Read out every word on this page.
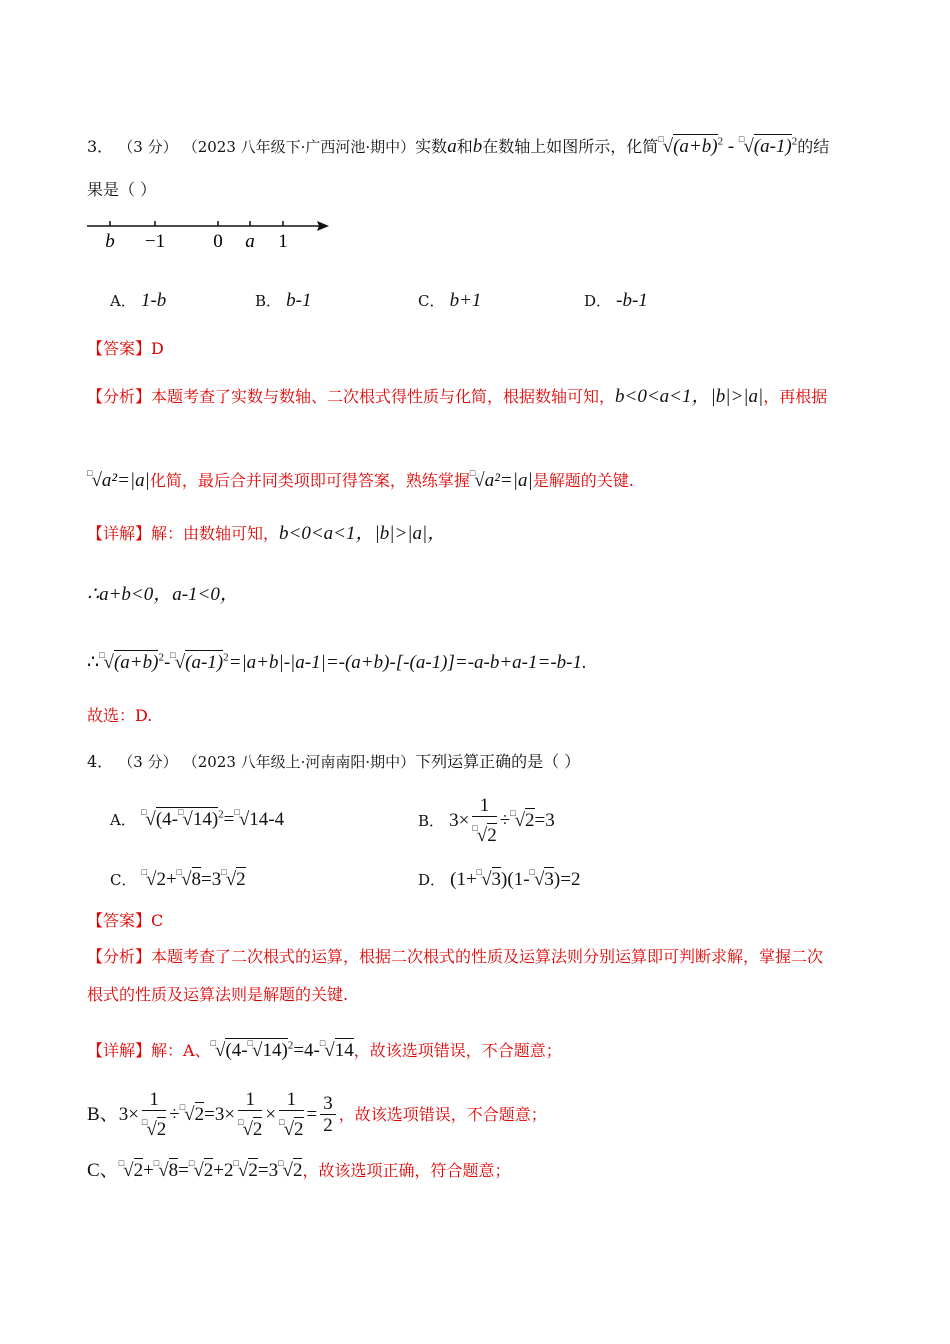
3． （3 分） （2023 八年级下·广西河池·期中）实数a和b在数轴上如图所示，化简$^□√(a+b)^2 - ^□√(a-1)^2$的结
果是（ ）
b −1	0 a 1
A． 1-b	B． b-1	C． b+1	D． -b-1
【答案】D
【分析】本题考查了实数与数轴、二次根式得性质与化简，根据数轴可知，b<0<a<1，|b|>|a|，再根据
□√a²=|a|化简，最后合并同类项即可得答案，熟练掌握□√a²=|a|是解题的关键.
【详解】解：由数轴可知，b<0<a<1，|b|>|a|，
∴a+b<0，a-1<0，
$\therefore^□√(a+b)^2-^□√(a-1)^2=|a+b|-|a-1|=-(a+b)-[-(a-1)]=-a-b+a-1=-b-1$.
故选：D.
4． （3 分） （2023 八年级上·河南南阳·期中）下列运算正确的是（ ）
A． $^□√(4-^□√14)^2=^□√14-4$	B． $3\times \frac{1}{^□√2} \div^□√2=3$
C． □√2+□√8=3□√2	D． (1+□√3)(1-□√3)=2
【答案】C
【分析】本题考查了二次根式的运算，根据二次根式的性质及运算法则分别运算即可判断求解，掌握二次
根式的性质及运算法则是解题的关键.
【详解】解：A、$^□√(4-^□√14)^2=4-^□√14$，故该选项错误，不合题意；
B、$3\times \frac{1}{^□√2} \div^□√2=3\times \frac{1}{^□√2} \times \frac{1}{^□√2} = \frac{3}{2}$ ，故该选项错误，不合题意；
C、□√2+□√8=□√2+2□√2=3□√2，故该选项正确，符合题意；
